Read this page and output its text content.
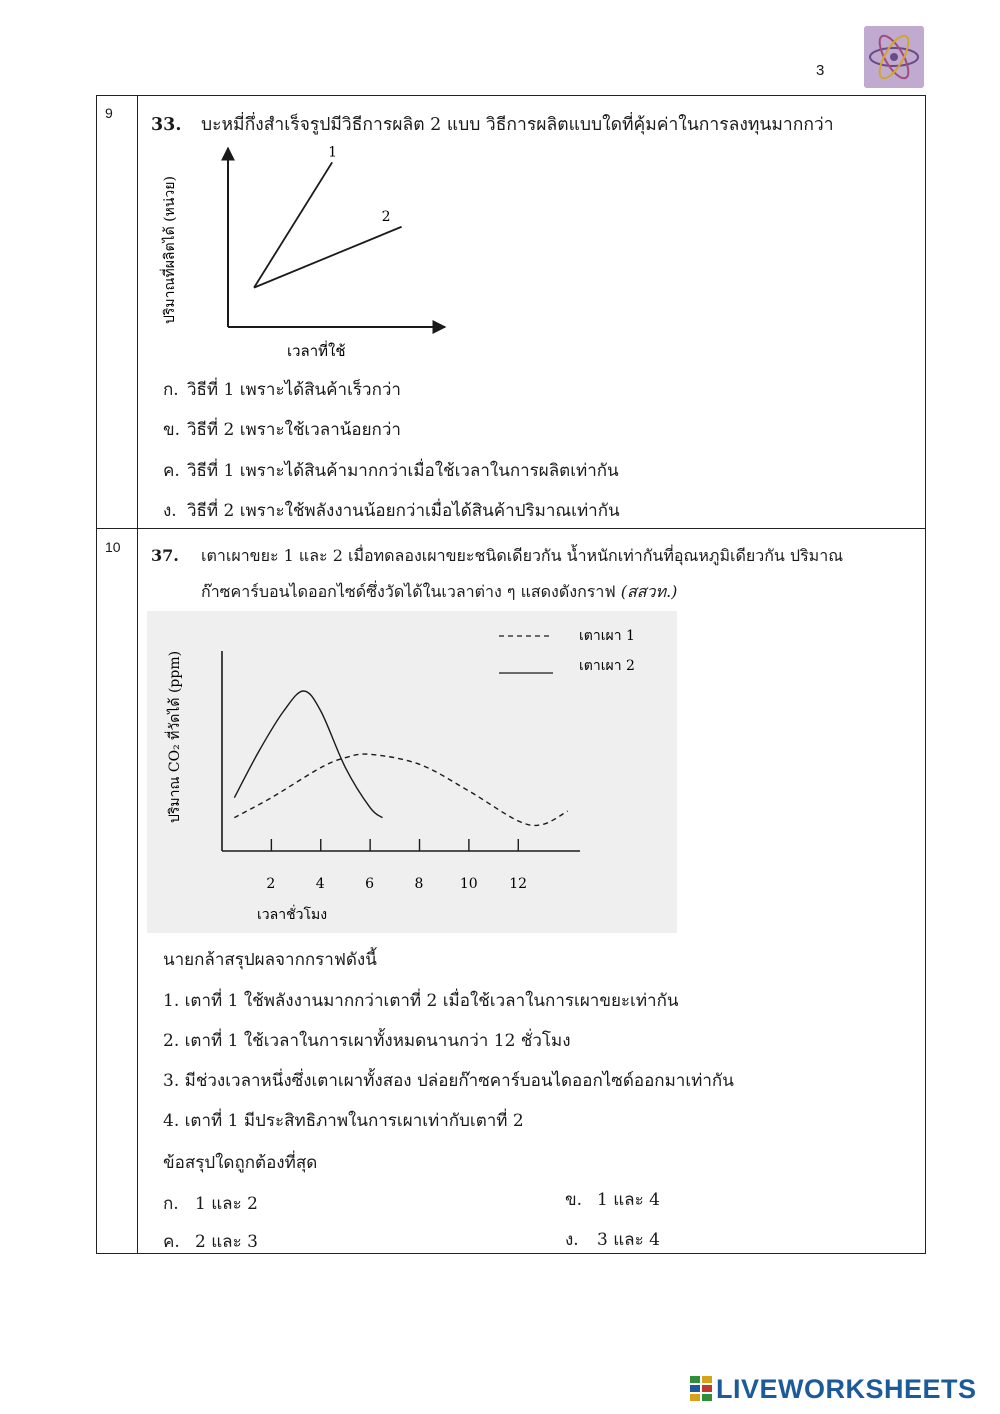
3
9
33. บะหมี่กึ่งสำเร็จรูปมีวิธีการผลิต 2 แบบ วิธีการผลิตแบบใดที่คุ้มค่าในการลงทุนมากกว่า
1
2
เวลาที่ใช้
ปริมาณที่ผลิตได้ (หน่วย)
ก. วิธีที่ 1 เพราะได้สินค้าเร็วกว่า
ข. วิธีที่ 2 เพราะใช้เวลาน้อยกว่า
ค. วิธีที่ 1 เพราะได้สินค้ามากกว่าเมื่อใช้เวลาในการผลิตเท่ากัน
ง. วิธีที่ 2 เพราะใช้พลังงานน้อยกว่าเมื่อได้สินค้าปริมาณเท่ากัน
10 37. เตาเผาขยะ 1 และ 2 เมื่อทดลองเผาขยะชนิดเดียวกัน น้ำหนักเท่ากันที่อุณหภูมิเดียวกัน ปริมาณ
ก๊าซคาร์บอนไดออกไซด์ซึ่งวัดได้ในเวลาต่าง ๆ แสดงดังกราฟ (สสวท.)
2	4	6	8	10 12
เตาเผา 1
เตาเผา 2
เวลาชั่วโมง
ปริมาณ CO₂ ที่วัดได้ (ppm)
นายกล้าสรุปผลจากกราฟดังนี้
1. เตาที่ 1 ใช้พลังงานมากกว่าเตาที่ 2 เมื่อใช้เวลาในการเผาขยะเท่ากัน
2. เตาที่ 1 ใช้เวลาในการเผาทั้งหมดนานกว่า 12 ชั่วโมง
3. มีช่วงเวลาหนึ่งซึ่งเตาเผาทั้งสอง ปล่อยก๊าซคาร์บอนไดออกไซด์ออกมาเท่ากัน
4. เตาที่ 1 มีประสิทธิภาพในการเผาเท่ากับเตาที่ 2
ข้อสรุปใดถูกต้องที่สุด
ก. 1 และ 2	ข. 1 และ 4
ค. 2 และ 3	ง. 3 และ 4
LIVEWORKSHEETS
